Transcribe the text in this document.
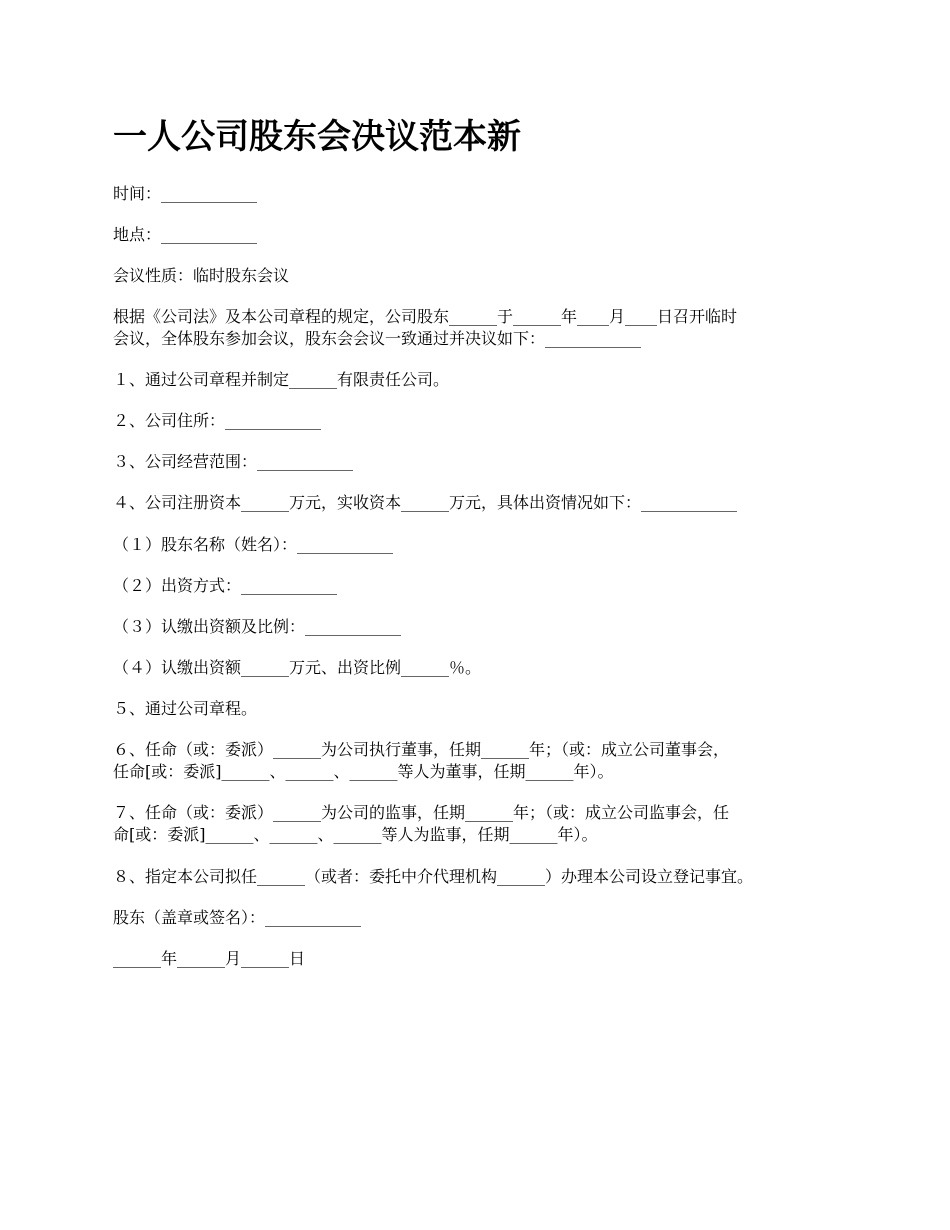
一人公司股东会决议范本新

时间：____________

地点：____________

会议性质：临时股东会议

根据《公司法》及本公司章程的规定，公司股东______于______年____月____日召开临时

会议，全体股东参加会议，股东会会议一致通过并决议如下：____________

１、通过公司章程并制定______有限责任公司。

２、公司住所：____________

３、公司经营范围：____________

４、公司注册资本______万元，实收资本______万元，具体出资情况如下：____________

（１）股东名称（姓名）：____________

（２）出资方式：____________

（３）认缴出资额及比例：____________

（４）认缴出资额______万元、出资比例______％。

５、通过公司章程。

６、任命（或：委派）______为公司执行董事，任期______年；（或：成立公司董事会，

任命[或：委派]______、______、______等人为董事，任期______年）。

７、任命（或：委派）______为公司的监事，任期______年；（或：成立公司监事会，任

命[或：委派]______、______、______等人为监事，任期______年）。

８、指定本公司拟任______（或者：委托中介代理机构______）办理本公司设立登记事宜。

股东（盖章或签名）：____________

______年______月______日
